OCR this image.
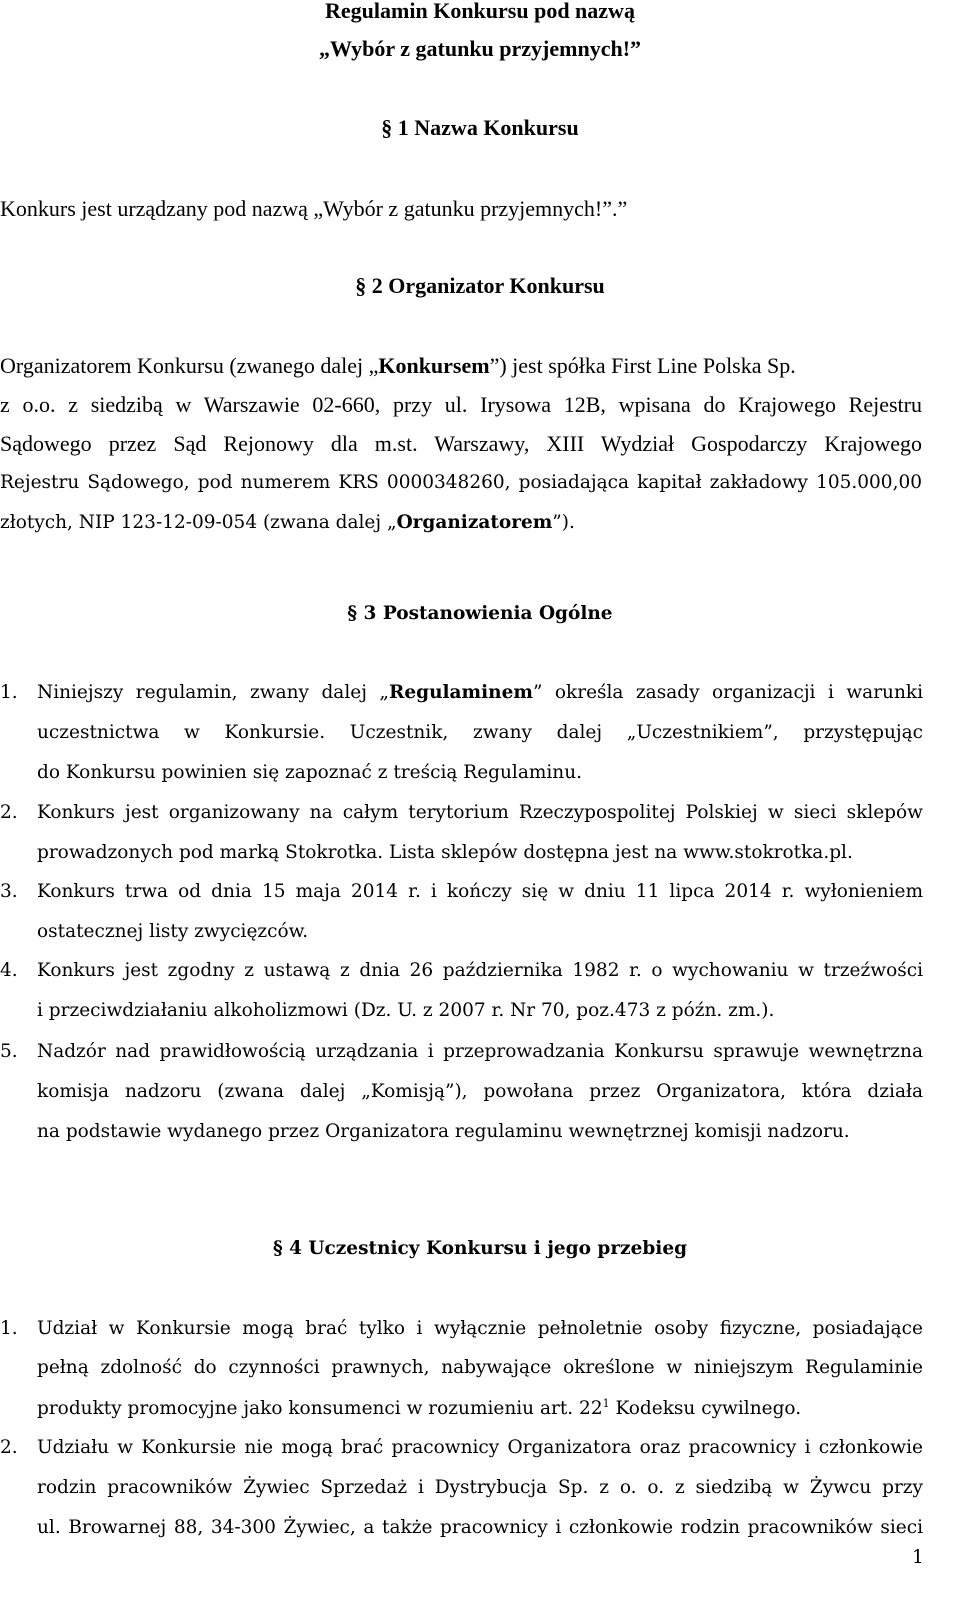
Regulamin Konkursu pod nazwą
„Wybór z gatunku przyjemnych!”
§ 1 Nazwa Konkursu
Konkurs jest urządzany pod nazwą „Wybór z gatunku przyjemnych!”.”
§ 2 Organizator Konkursu
Organizatorem Konkursu (zwanego dalej „Konkursem”) jest spółka First Line Polska Sp.
z o.o. z siedzibą w Warszawie 02-660, przy ul. Irysowa 12B, wpisana do Krajowego Rejestru
Sądowego przez Sąd Rejonowy dla m.st. Warszawy, XIII Wydział Gospodarczy Krajowego
Rejestru Sądowego, pod numerem KRS 0000348260, posiadająca kapitał zakładowy 105.000,00
złotych, NIP 123-12-09-054 (zwana dalej „Organizatorem”).
§ 3 Postanowienia Ogólne
1. Niniejszy regulamin, zwany dalej „Regulaminem” określa zasady organizacji i warunki
uczestnictwa w Konkursie. Uczestnik, zwany dalej „Uczestnikiem”, przystępując
do Konkursu powinien się zapoznać z treścią Regulaminu.
2. Konkurs jest organizowany na całym terytorium Rzeczypospolitej Polskiej w sieci sklepów
prowadzonych pod marką Stokrotka. Lista sklepów dostępna jest na www.stokrotka.pl.
3. Konkurs trwa od dnia 15 maja 2014 r. i kończy się w dniu 11 lipca 2014 r. wyłonieniem
ostatecznej listy zwycięzców.
4. Konkurs jest zgodny z ustawą z dnia 26 października 1982 r. o wychowaniu w trzeźwości
i przeciwdziałaniu alkoholizmowi (Dz. U. z 2007 r. Nr 70, poz.473 z późn. zm.).
5. Nadzór nad prawidłowością urządzania i przeprowadzania Konkursu sprawuje wewnętrzna
komisja nadzoru (zwana dalej „Komisją”), powołana przez Organizatora, która działa
na podstawie wydanego przez Organizatora regulaminu wewnętrznej komisji nadzoru.
§ 4 Uczestnicy Konkursu i jego przebieg
1. Udział w Konkursie mogą brać tylko i wyłącznie pełnoletnie osoby fizyczne, posiadające
pełną zdolność do czynności prawnych, nabywające określone w niniejszym Regulaminie
produkty promocyjne jako konsumenci w rozumieniu art. $22^1$ Kodeksu cywilnego.
2. Udziału w Konkursie nie mogą brać pracownicy Organizatora oraz pracownicy i członkowie
rodzin pracowników Żywiec Sprzedaż i Dystrybucja Sp. z o. o. z siedzibą w Żywcu przy
ul. Browarnej 88, 34-300 Żywiec, a także pracownicy i członkowie rodzin pracowników sieci
1
